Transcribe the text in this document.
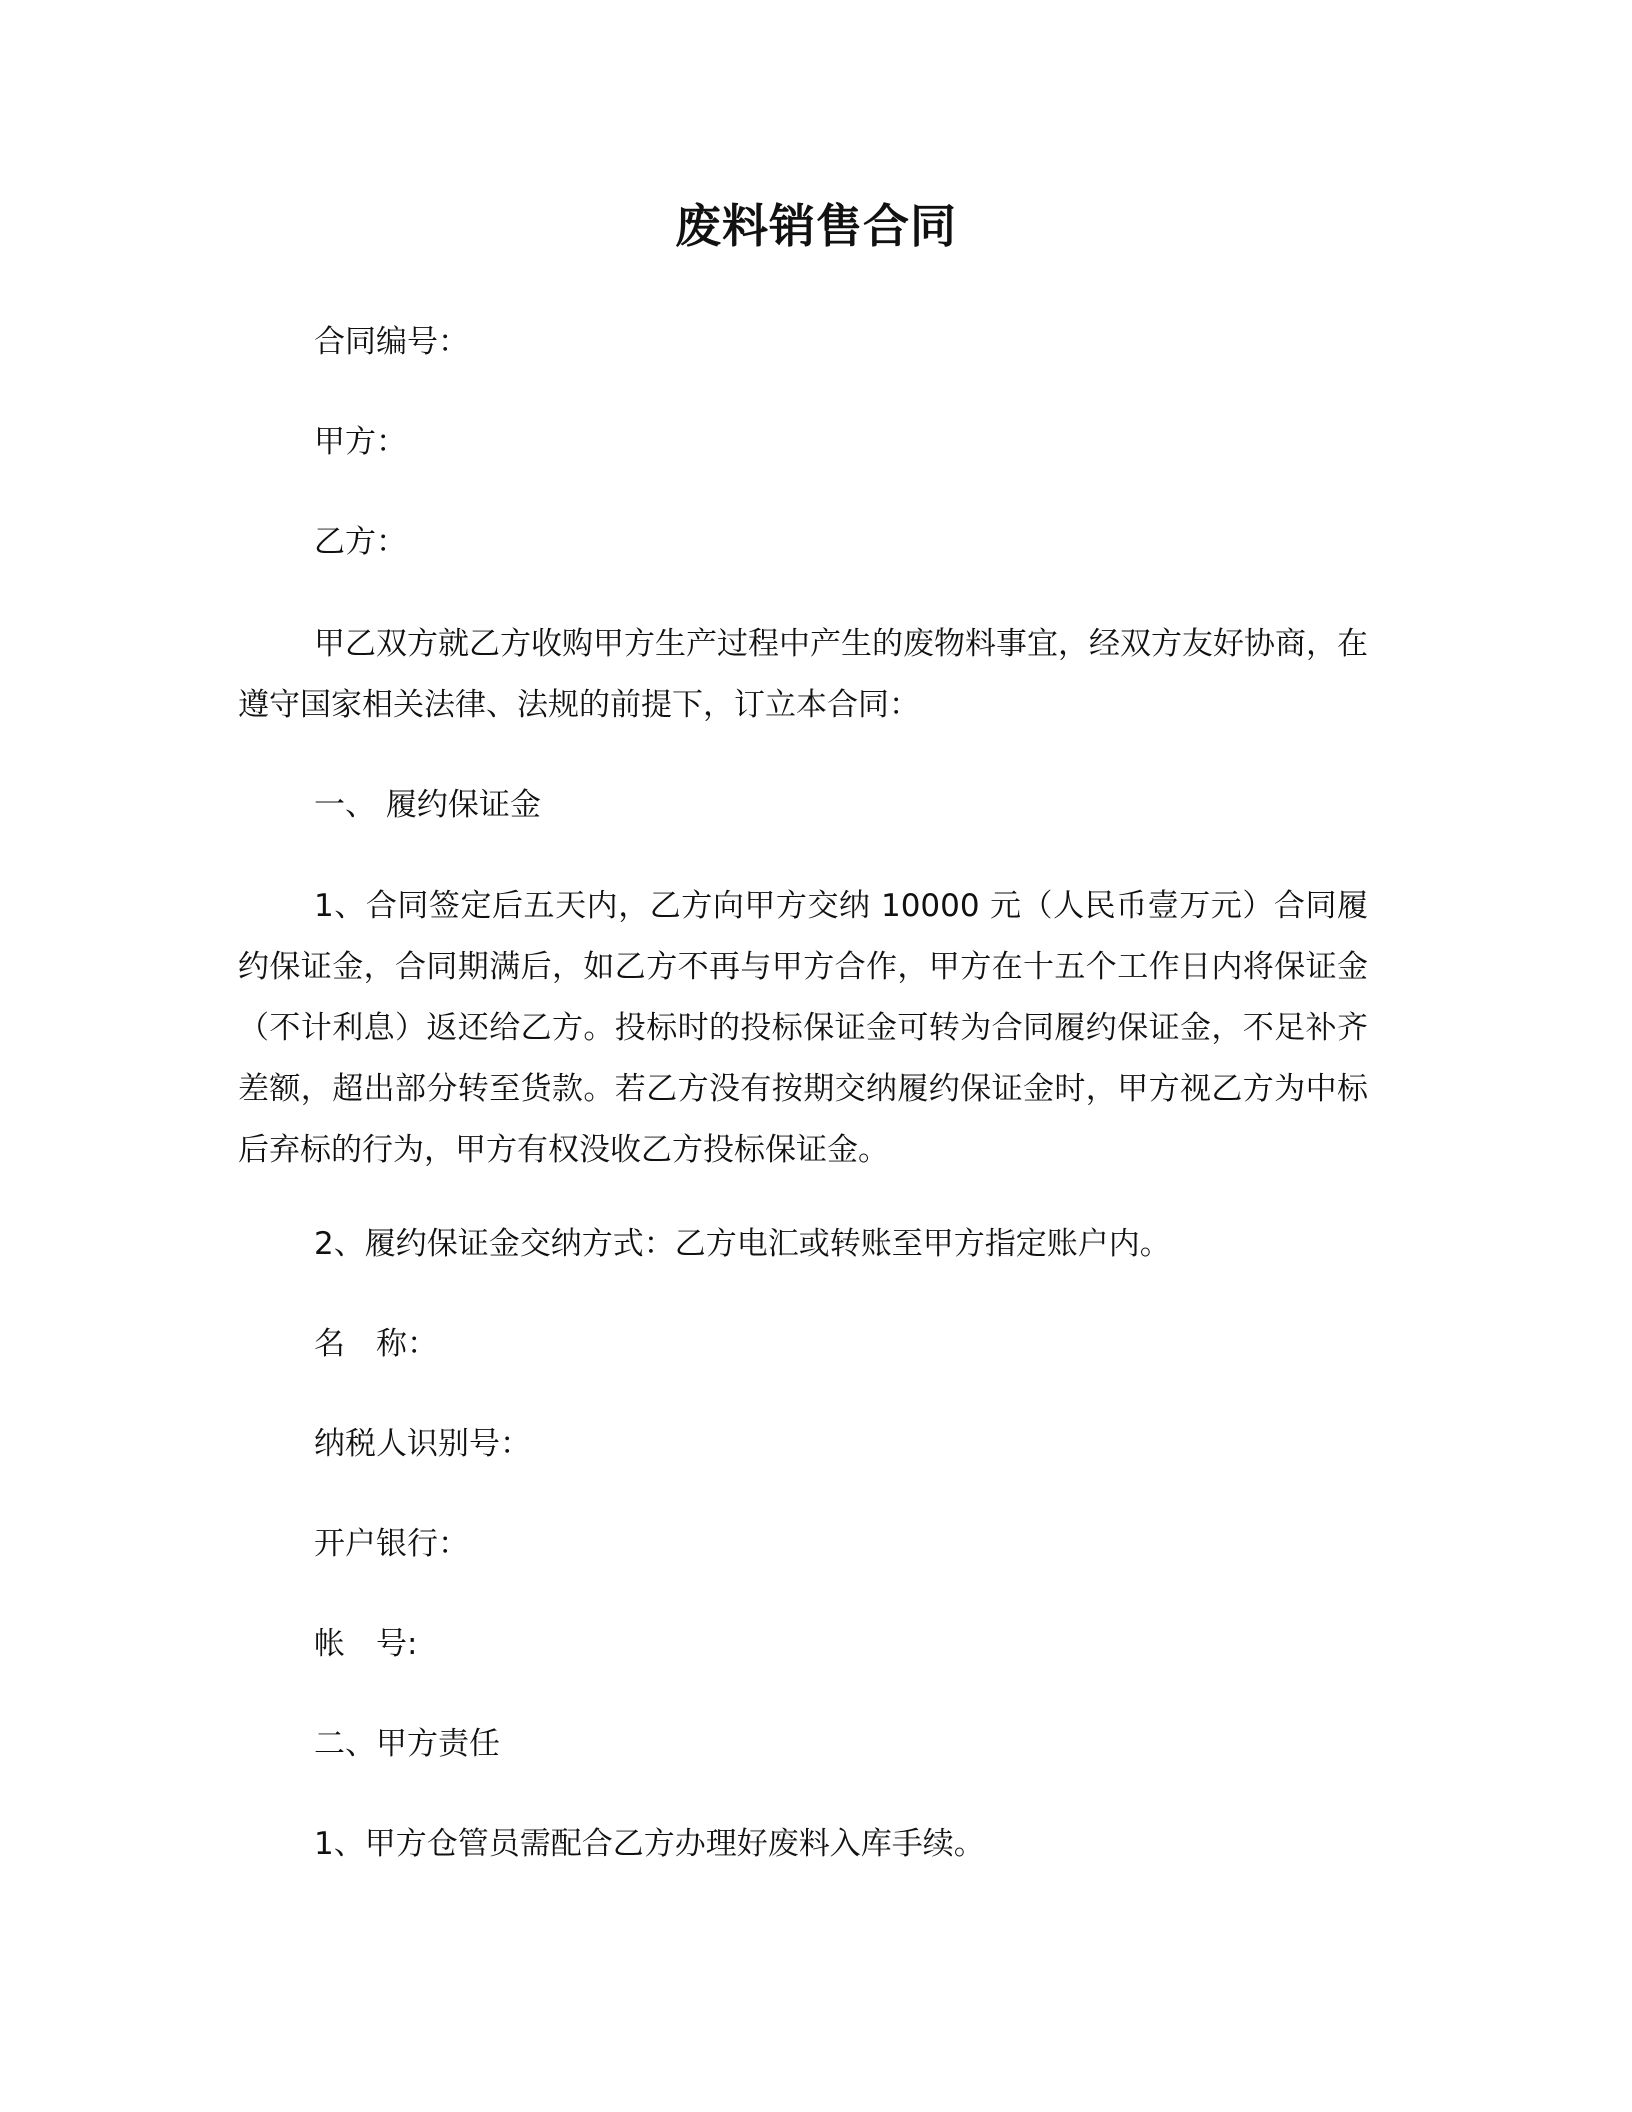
废料销售合同

合同编号：

甲方：

乙方：

甲乙双方就乙方收购甲方生产过程中产生的废物料事宜，经双方友好协商，在遵守国家相关法律、法规的前提下，订立本合同：

一、 履约保证金

1、合同签定后五天内，乙方向甲方交纳 10000 元（人民币壹万元）合同履约保证金，合同期满后，如乙方不再与甲方合作，甲方在十五个工作日内将保证金（不计利息）返还给乙方。投标时的投标保证金可转为合同履约保证金，不足补齐差额，超出部分转至货款。若乙方没有按期交纳履约保证金时，甲方视乙方为中标后弃标的行为，甲方有权没收乙方投标保证金。

2、履约保证金交纳方式：乙方电汇或转账至甲方指定账户内。

名　称：

纳税人识别号：

开户银行：

帐　号:

二、甲方责任

1、甲方仓管员需配合乙方办理好废料入库手续。
